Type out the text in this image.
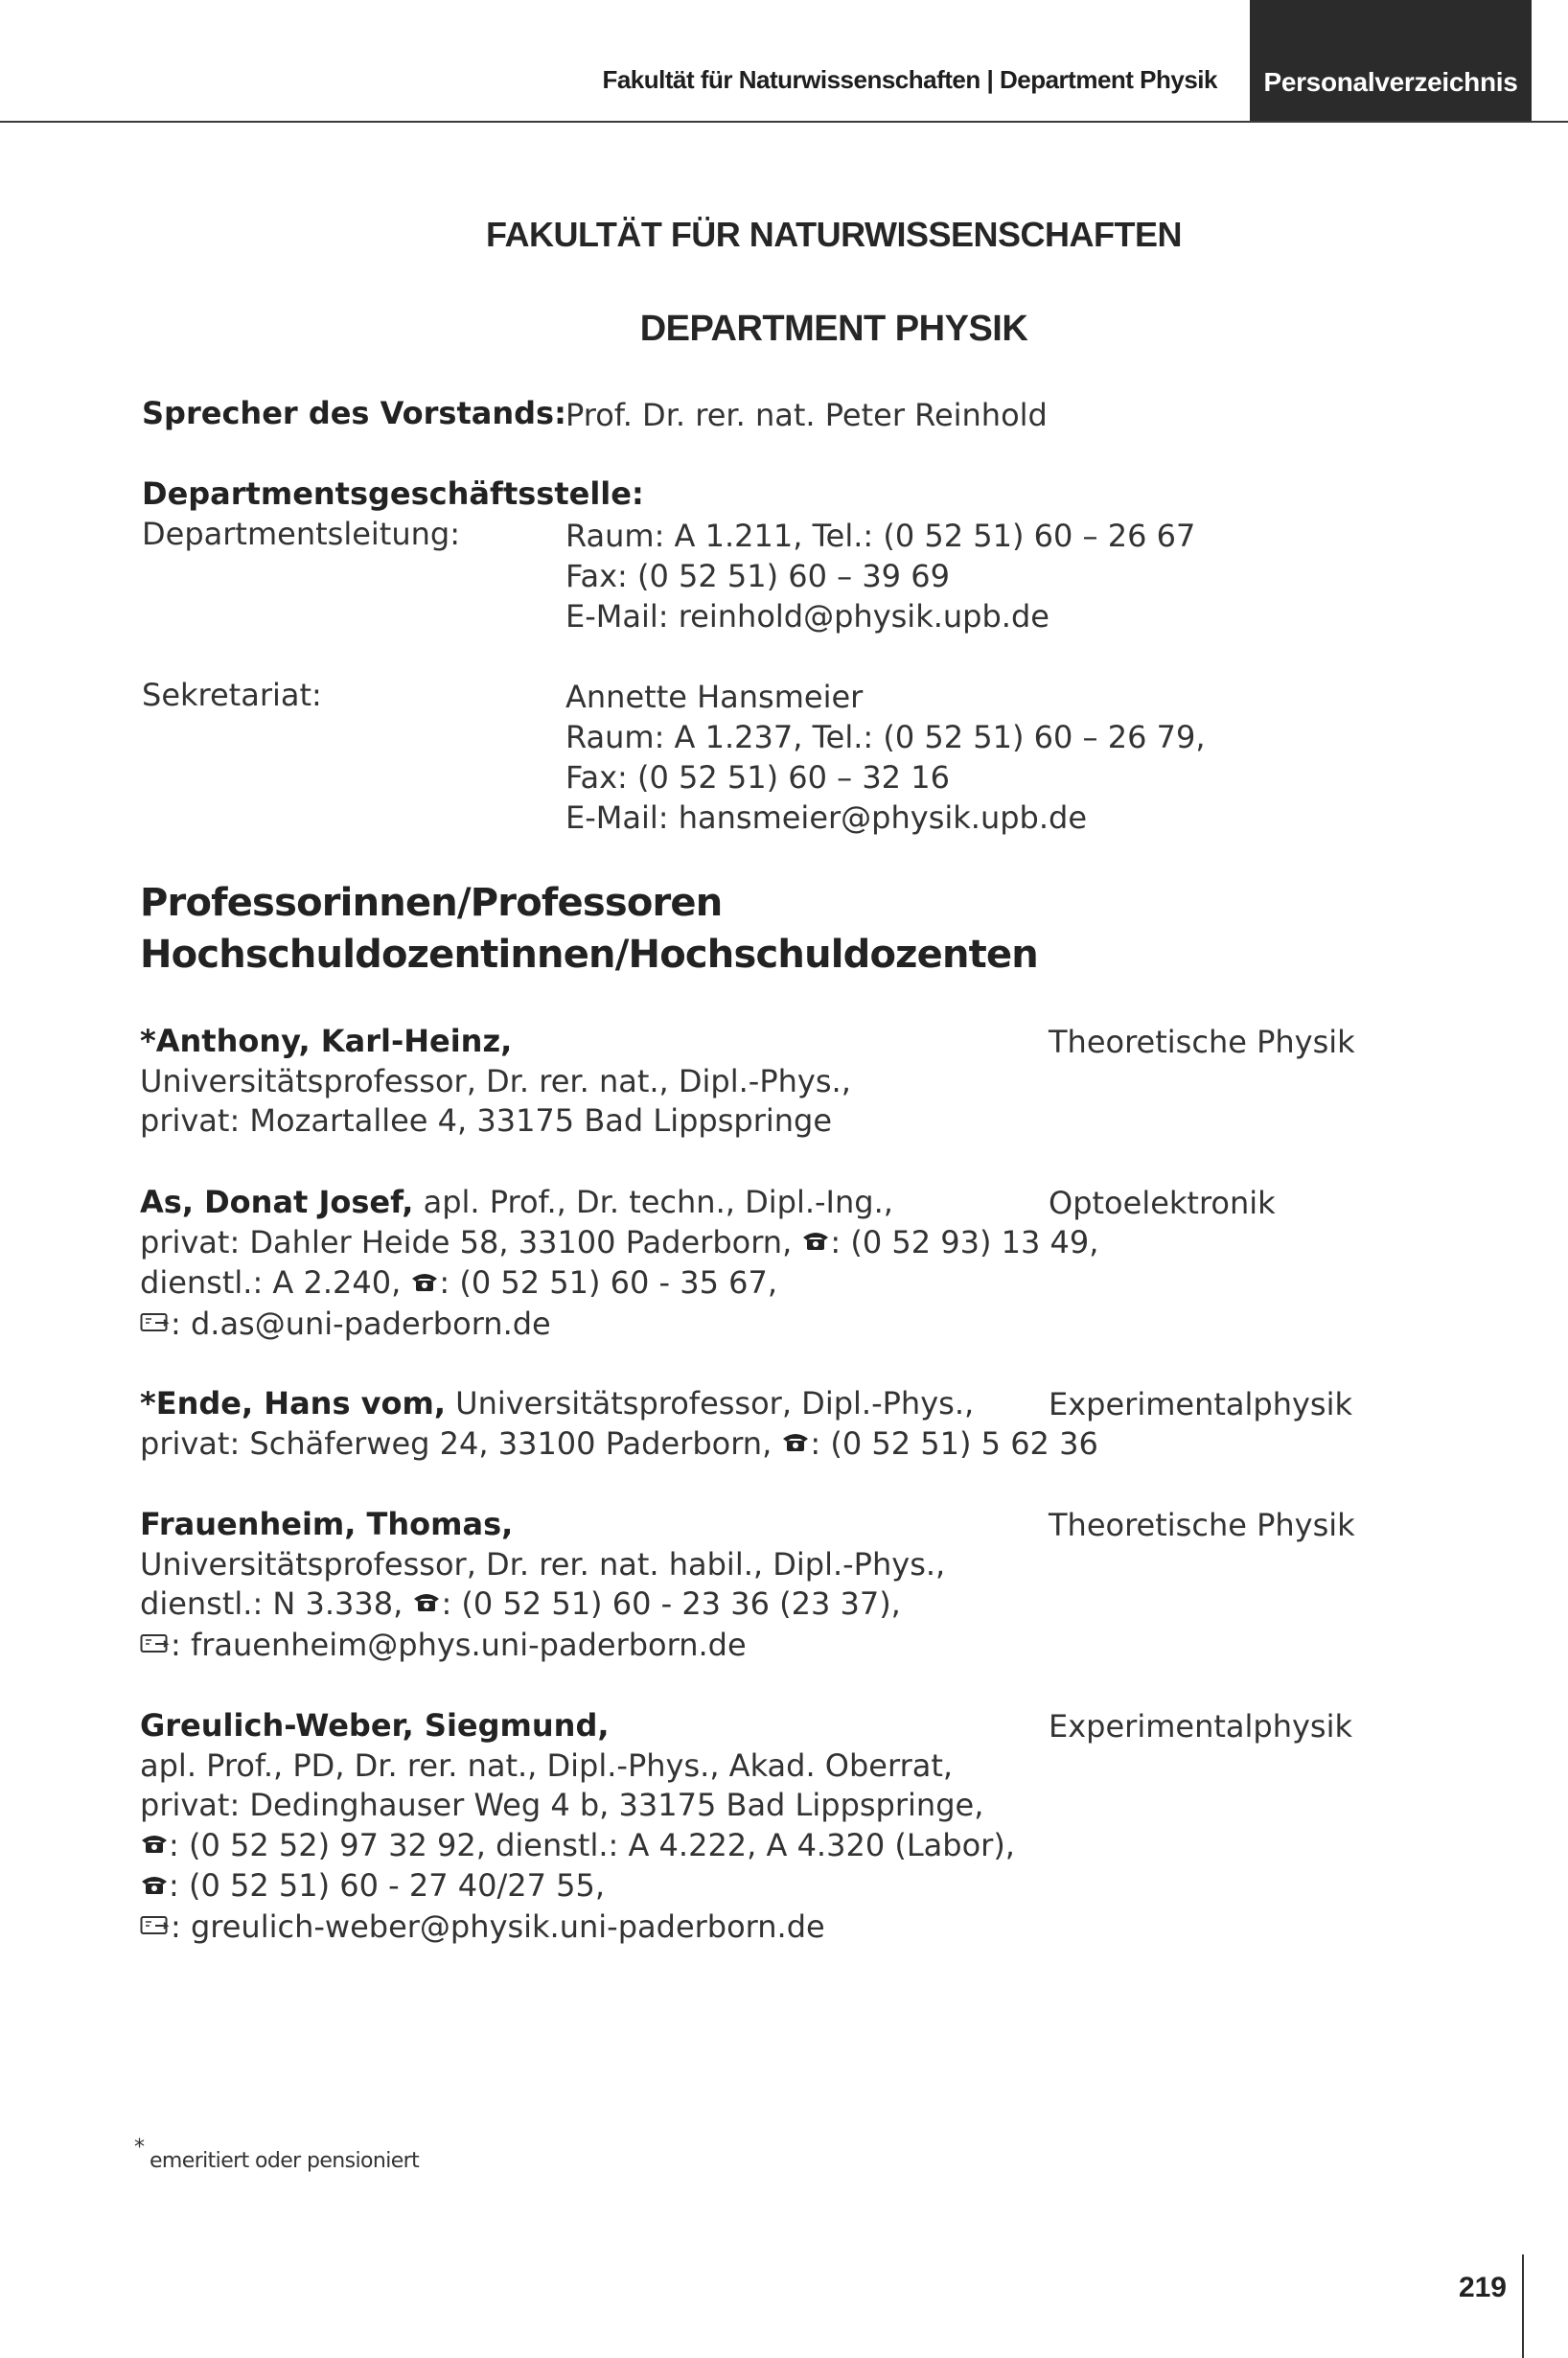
Fakultät für Naturwissenschaften | Department Physik Personalverzeichnis
FAKULTÄT FÜR NATURWISSENSCHAFTEN
DEPARTMENT PHYSIK
Sprecher des Vorstands: Prof. Dr. rer. nat. Peter Reinhold
Departmentsgeschäftsstelle:
Departmentsleitung:	Raum: A 1.211, Tel.: (0 52 51) 60 – 26 67
Fax: (0 52 51) 60 – 39 69
E-Mail: reinhold@physik.upb.de
Sekretariat:	Annette Hansmeier
Raum: A 1.237, Tel.: (0 52 51) 60 – 26 79,
Fax: (0 52 51) 60 – 32 16
E-Mail: hansmeier@physik.upb.de
Professorinnen/Professoren
Hochschuldozentinnen/Hochschuldozenten
*Anthony, Karl-Heinz,
Universitätsprofessor, Dr. rer. nat., Dipl.-Phys.,
privat: Mozartallee 4, 33175 Bad Lippspringe
Theoretische Physik
As, Donat Josef, apl. Prof., Dr. techn., Dipl.-Ing.,
privat: Dahler Heide 58, 33100 Paderborn, : (0 52 93) 13 49,
dienstl.: A 2.240, : (0 52 51) 60 - 35 67,
: d.as@uni-paderborn.de
Optoelektronik
*Ende, Hans vom, Universitätsprofessor, Dipl.-Phys.,
privat: Schäferweg 24, 33100 Paderborn, : (0 52 51) 5 62 36
Experimentalphysik
Frauenheim, Thomas,
Universitätsprofessor, Dr. rer. nat. habil., Dipl.-Phys.,
dienstl.: N 3.338, : (0 52 51) 60 - 23 36 (23 37),
: frauenheim@phys.uni-paderborn.de
Theoretische Physik
Greulich-Weber, Siegmund,
apl. Prof., PD, Dr. rer. nat., Dipl.-Phys., Akad. Oberrat,
privat: Dedinghauser Weg 4 b, 33175 Bad Lippspringe,
: (0 52 52) 97 32 92, dienstl.: A 4.222, A 4.320 (Labor),
: (0 52 51) 60 - 27 40/27 55,
: greulich-weber@physik.uni-paderborn.de
Experimentalphysik
*
emeritiert oder pensioniert
219
